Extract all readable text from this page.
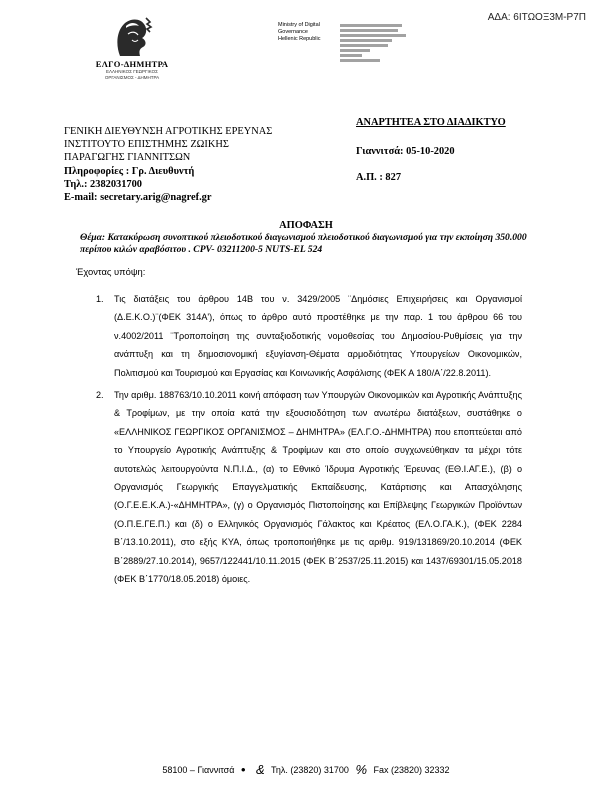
ΑΔΑ: 6ΙΤΩΟΞ3Μ-Ρ7Π
ΕΛΓΟ-ΔΗΜΗΤΡΑ
ΕΛΛΗΝΙΚΟΣ ΓΕΩΡΓΙΚΟΣ
ΟΡΓΑΝΙΣΜΟΣ - ΔΗΜΗΤΡΑ
Ministry of Digital
Governance
Hellenic Republic
ΓΕΝΙΚΗ ΔΙΕΥΘΥΝΣΗ ΑΓΡΟΤΙΚΗΣ ΕΡΕΥΝΑΣ
ΙΝΣΤΙΤΟΥΤΟ ΕΠΙΣΤΗΜΗΣ ΖΩΙΚΗΣ
ΠΑΡΑΓΩΓΗΣ ΓΙΑΝΝΙΤΣΩΝ
Πληροφορίες : Γρ. Διευθυντή
Τηλ.: 2382031700
E-mail: secretary.arig@nagref.gr
ΑΝΑΡΤΗΤΕΑ ΣΤΟ ΔΙΑΔΙΚΤΥΟ
Γιαννιτσά: 05-10-2020
Α.Π. : 827
ΑΠΟΦΑΣΗ
Θέμα: Κατακύρωση συνοπτικού πλειοδοτικού διαγωνισμού πλειοδοτικού διαγωνισμού για την εκποίηση 350.000 περίπου κιλών αραβόσιτου . CPV- 03211200-5 NUTS-EL 524
Έχοντας υπόψη:
1.	Τις διατάξεις του άρθρου 14Β του ν. 3429/2005 ¨Δημόσιες Επιχειρήσεις και Οργανισμοί (Δ.Ε.Κ.Ο.)¨(ΦΕΚ 314Α'), όπως το άρθρο αυτό προστέθηκε με την παρ. 1 του άρθρου 66 του ν.4002/2011 ¨Τροποποίηση της συνταξιοδοτικής νομοθεσίας του Δημοσίου-Ρυθμίσεις για την ανάπτυξη και τη δημοσιονομική εξυγίανση-Θέματα αρμοδιότητας Υπουργείων Οικονομικών, Πολιτισμού και Τουρισμού και Εργασίας και Κοινωνικής Ασφάλισης (ΦΕΚ Α 180/Α΄/22.8.2011).
2.	Την αριθμ. 188763/10.10.2011 κοινή απόφαση των Υπουργών Οικονομικών και Αγροτικής Ανάπτυξης & Τροφίμων, με την οποία κατά την εξουσιοδότηση των ανωτέρω διατάξεων, συστάθηκε ο «ΕΛΛΗΝΙΚΟΣ ΓΕΩΡΓΙΚΟΣ ΟΡΓΑΝΙΣΜΟΣ – ΔΗΜΗΤΡΑ» (ΕΛ.Γ.Ο.-ΔΗΜΗΤΡΑ) που εποπτεύεται από το Υπουργείο Αγροτικής Ανάπτυξης & Τροφίμων και στο οποίο συγχωνεύθηκαν τα μέχρι τότε αυτοτελώς λειτουργούντα Ν.Π.Ι.Δ., (α) το Εθνικό Ίδρυμα Αγροτικής Έρευνας (ΕΘ.Ι.ΑΓ.Ε.), (β) ο Οργανισμός Γεωργικής Επαγγελματικής Εκπαίδευσης, Κατάρτισης και Απασχόλησης (Ο.Γ.Ε.Ε.Κ.Α.)-«ΔΗΜΗΤΡΑ», (γ) ο Οργανισμός Πιστοποίησης και Επίβλεψης Γεωργικών Προϊόντων (Ο.Π.Ε.ΓΕ.Π.) και (δ) ο Ελληνικός Οργανισμός Γάλακτος και Κρέατος (ΕΛ.Ο.ΓΑ.Κ.), (ΦΕΚ 2284 Β΄/13.10.2011), στο εξής ΚΥΑ, όπως τροποποιήθηκε με τις αριθμ. 919/131869/20.10.2014 (ΦΕΚ Β΄2889/27.10.2014), 9657/122441/10.11.2015 (ΦΕΚ Β΄2537/25.11.2015) και 1437/69301/15.05.2018 (ΦΕΚ Β΄1770/18.05.2018) όμοιες.
58100 – Γιαννιτσά • & Τηλ. (23820) 31700 % Fax (23820) 32332
